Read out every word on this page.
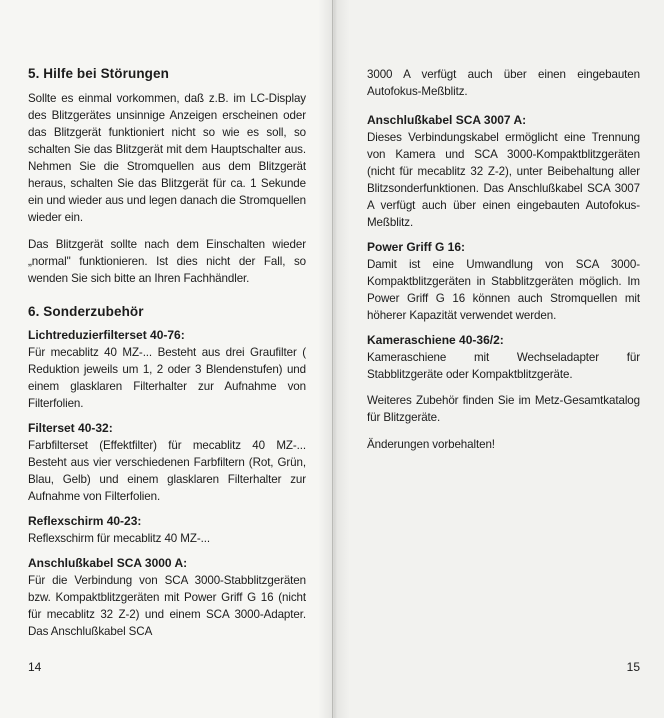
5. Hilfe bei Störungen

Sollte es einmal vorkommen, daß z.B. im LC-Display des Blitzgerätes unsinnige Anzeigen erscheinen oder das Blitzgerät funktioniert nicht so wie es soll, so schalten Sie das Blitzgerät mit dem Hauptschalter aus. Nehmen Sie die Stromquellen aus dem Blitzgerät heraus, schalten Sie das Blitzgerät für ca. 1 Sekunde ein und wieder aus und legen danach die Stromquellen wieder ein.

Das Blitzgerät sollte nach dem Einschalten wieder „normal" funktionieren. Ist dies nicht der Fall, so wenden Sie sich bitte an Ihren Fachhändler.

6. Sonderzubehör
Lichtreduzierfilterset 40-76:

Für mecablitz 40 MZ-... Besteht aus drei Graufilter ( Reduktion jeweils um 1, 2 oder 3 Blendenstufen) und einem glasklaren Filterhalter zur Aufnahme von Filterfolien.

Filterset 40-32:

Farbfilterset (Effektfilter) für mecablitz 40 MZ-... Besteht aus vier verschiedenen Farbfiltern (Rot, Grün, Blau, Gelb) und einem glasklaren Filterhalter zur Aufnahme von Filterfolien.

Reflexschirm 40-23:

Reflexschirm für mecablitz 40 MZ-...

Anschlußkabel SCA 3000 A:

Für die Verbindung von SCA 3000-Stabblitzgeräten bzw. Kompaktblitzgeräten mit Power Griff G 16 (nicht für mecablitz 32 Z-2) und einem SCA 3000-Adapter. Das Anschlußkabel SCA

14

3000 A verfügt auch über einen eingebauten Autofokus-Meßblitz.

Anschlußkabel SCA 3007 A:

Dieses Verbindungskabel ermöglicht eine Trennung von Kamera und SCA 3000-Kompaktblitzgeräten (nicht für mecablitz 32 Z-2), unter Beibehaltung aller Blitzsonderfunktionen. Das Anschlußkabel SCA 3007 A verfügt auch über einen eingebauten Autofokus-Meßblitz.

Power Griff G 16:

Damit ist eine Umwandlung von SCA 3000-Kompaktblitzgeräten in Stabblitzgeräten möglich. Im Power Griff G 16 können auch Stromquellen mit höherer Kapazität verwendet werden.

Kameraschiene 40-36/2:

Kameraschiene mit Wechseladapter für Stabblitzgeräte oder Kompaktblitzgeräte.

Weiteres Zubehör finden Sie im Metz-Gesamtkatalog für Blitzgeräte.

Änderungen vorbehalten!

15
